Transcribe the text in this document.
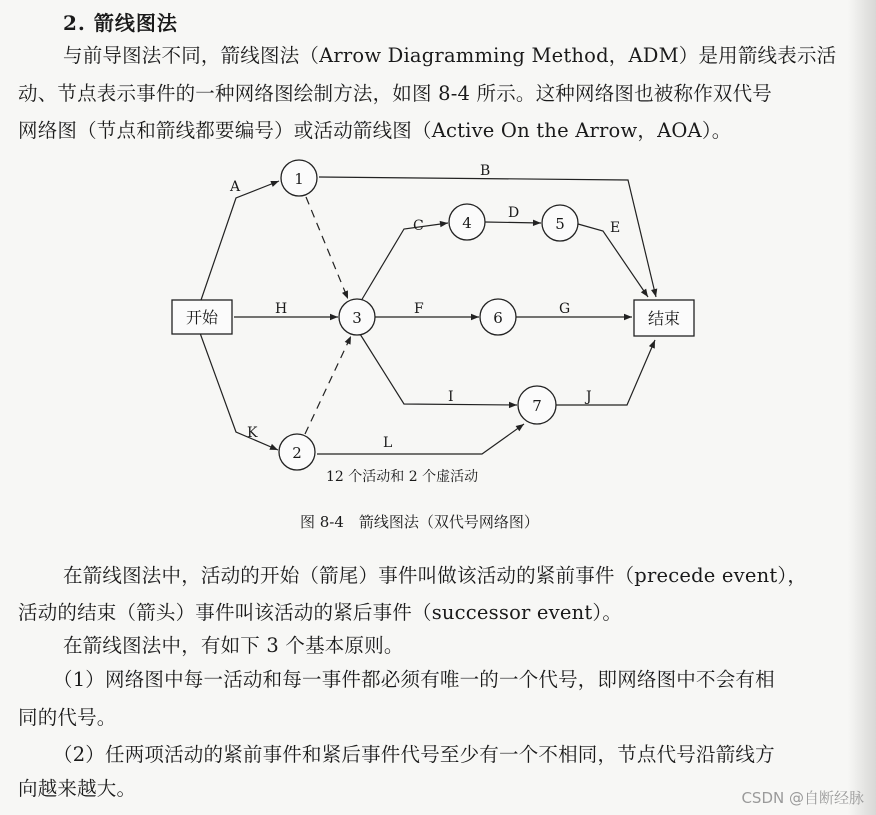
2. 箭线图法
与前导图法不同，箭线图法（Arrow Diagramming Method，ADM）是用箭线表示活
动、节点表示事件的一种网络图绘制方法，如图 8-4 所示。这种网络图也被称作双代号
网络图（节点和箭线都要编号）或活动箭线图（Active On the Arrow，AOA）。
A
B
C
D
E
F	G
H
I	J
K
L
开始	结束
1
2
3
4	5
6
7
12 个活动和 2 个虚活动
图 8-4　箭线图法（双代号网络图）
在箭线图法中，活动的开始（箭尾）事件叫做该活动的紧前事件（precede event），
活动的结束（箭头）事件叫该活动的紧后事件（successor event）。
在箭线图法中，有如下 3 个基本原则。
（1）网络图中每一活动和每一事件都必须有唯一的一个代号，即网络图中不会有相
同的代号。
（2）任两项活动的紧前事件和紧后事件代号至少有一个不相同，节点代号沿箭线方
向越来越大。	CSDN @自断经脉
